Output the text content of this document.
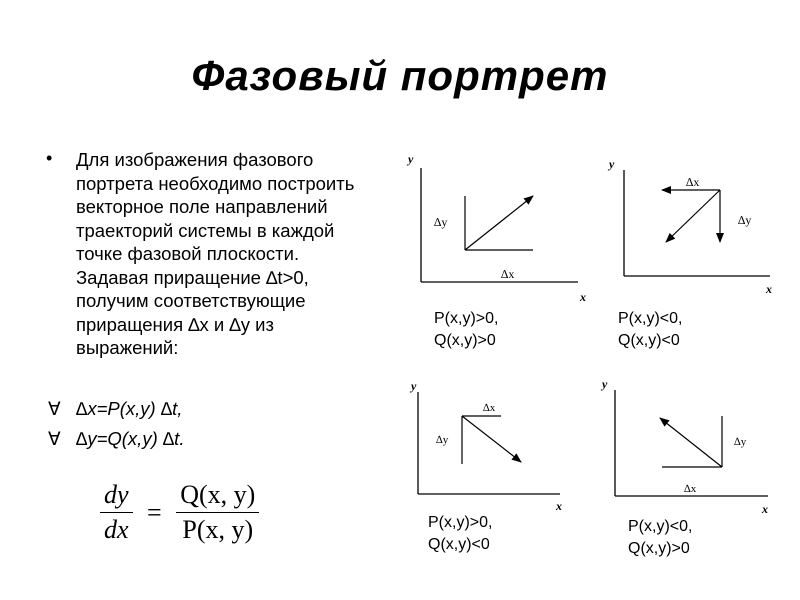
Фазовый портрет
• Для изображения фазового портрета необходимо построить векторное поле направлений траекторий системы в каждой точке фазовой плоскости. Задавая приращение ∆t>0, получим соответствующие приращения ∆x и ∆y из выражений:
∀ ∆x=P(x,y) ∆t,
∀ ∆y=Q(x,y) ∆t.
$\frac{dy}{dx} = \frac{Q(x, y)}{P(x, y)}$
y
x
∆y
∆x
y
x
∆x
∆y
y
x
∆x
∆y
y
x
∆x
∆y
P(x,y)>0,
Q(x,y)>0
P(x,y)<0,
Q(x,y)<0
P(x,y)>0,
Q(x,y)<0
P(x,y)<0,
Q(x,y)>0
